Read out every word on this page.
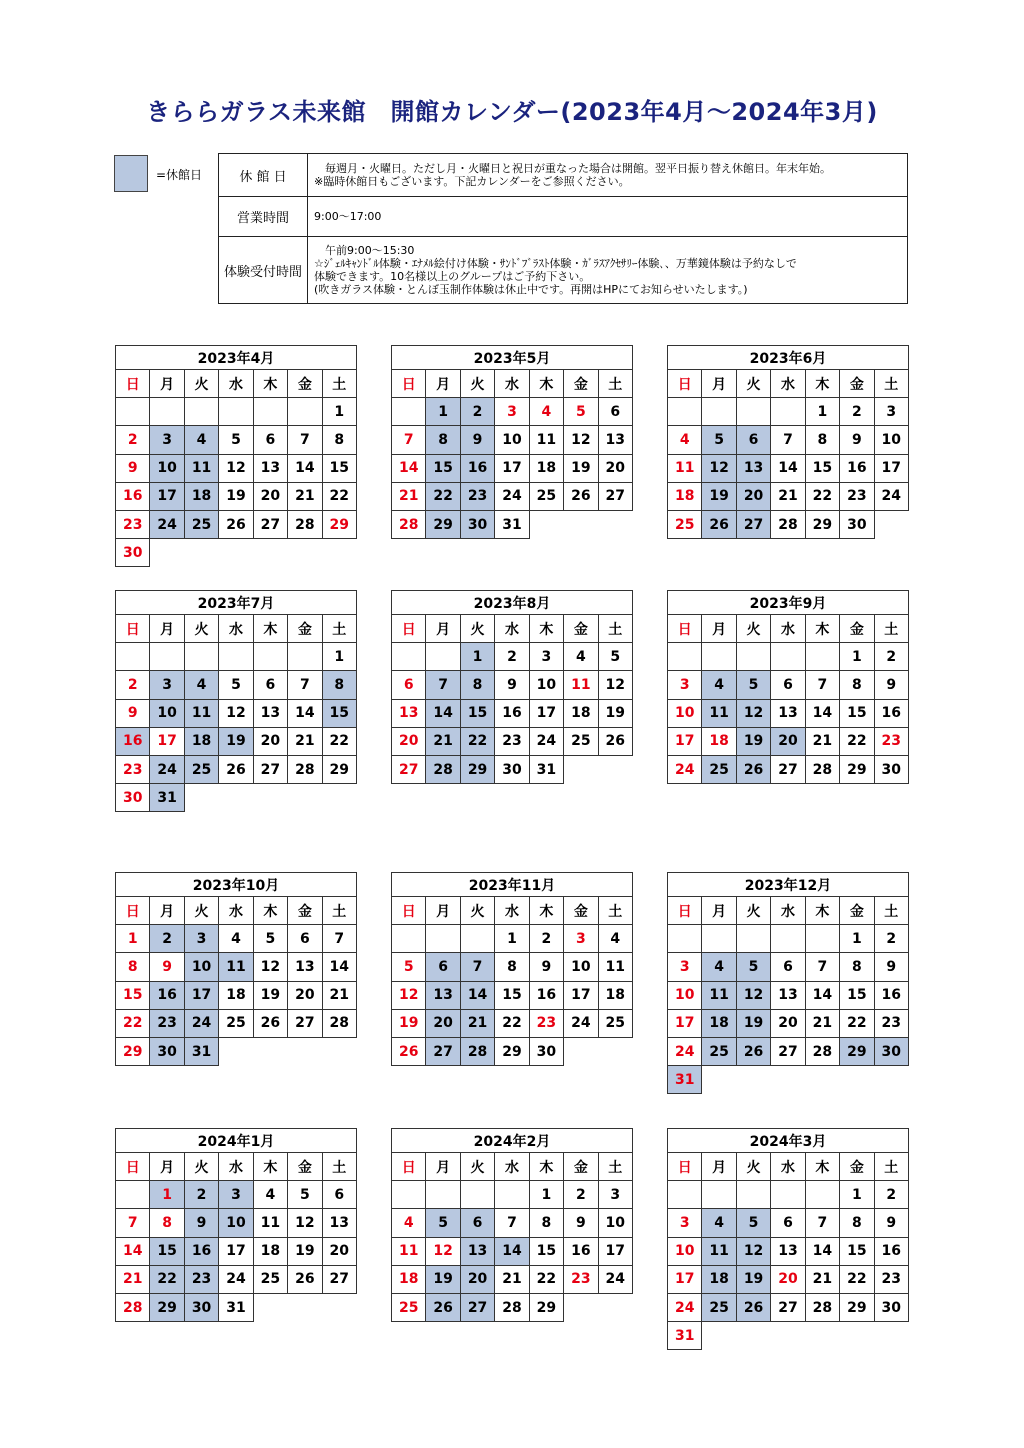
きららガラス未来館　開館カレンダー(2023年4月～2024年3月)
=休館日	休 館 日	　毎週月・火曜日。ただし月・火曜日と祝日が重なった場合は開館。翌平日振り替え休館日。年末年始。
※臨時休館日もございます。下記カレンダーをご参照ください。

営業時間	9:00～17:00

体験受付時間	　午前9:00～15:30
☆ｼﾞｪﾙｷｬﾝﾄﾞﾙ体験・ｴﾅﾒﾙ絵付け体験・ｻﾝﾄﾞﾌﾞﾗｽﾄ体験・ｶﾞﾗｽｱｸｾｻﾘｰ体験､、万華鏡体験は予約なしで
体験できます。10名様以上のグループはご予約下さい。
(吹きガラス体験・とんぼ玉制作体験は休止中です。再開はHPにてお知らせいたします。)
2023年4月						
日	月	火	水	木	金	土
						1
2	3	4	5	6	7	8
9	10	11	12	13	14	15
16	17	18	19	20	21	22
23	24	25	26	27	28	29
30						
2023年5月						
日	月	火	水	木	金	土
	1	2	3	4	5	6
7	8	9	10	11	12	13
14	15	16	17	18	19	20
21	22	23	24	25	26	27
28	29	30	31			
2023年6月						
日	月	火	水	木	金	土
				1	2	3
4	5	6	7	8	9	10
11	12	13	14	15	16	17
18	19	20	21	22	23	24
25	26	27	28	29	30	
2023年7月						
日	月	火	水	木	金	土
						1
2	3	4	5	6	7	8
9	10	11	12	13	14	15
16	17	18	19	20	21	22
23	24	25	26	27	28	29
30	31					
2023年8月						
日	月	火	水	木	金	土
		1	2	3	4	5
6	7	8	9	10	11	12
13	14	15	16	17	18	19
20	21	22	23	24	25	26
27	28	29	30	31		
2023年9月						
日	月	火	水	木	金	土
					1	2
3	4	5	6	7	8	9
10	11	12	13	14	15	16
17	18	19	20	21	22	23
24	25	26	27	28	29	30
2023年10月						
日	月	火	水	木	金	土
1	2	3	4	5	6	7
8	9	10	11	12	13	14
15	16	17	18	19	20	21
22	23	24	25	26	27	28
29	30	31				
2023年11月						
日	月	火	水	木	金	土
			1	2	3	4
5	6	7	8	9	10	11
12	13	14	15	16	17	18
19	20	21	22	23	24	25
26	27	28	29	30		
2023年12月						
日	月	火	水	木	金	土
					1	2
3	4	5	6	7	8	9
10	11	12	13	14	15	16
17	18	19	20	21	22	23
24	25	26	27	28	29	30
31						
2024年1月						
日	月	火	水	木	金	土
	1	2	3	4	5	6
7	8	9	10	11	12	13
14	15	16	17	18	19	20
21	22	23	24	25	26	27
28	29	30	31			
2024年2月						
日	月	火	水	木	金	土
				1	2	3
4	5	6	7	8	9	10
11	12	13	14	15	16	17
18	19	20	21	22	23	24
25	26	27	28	29		
2024年3月						
日	月	火	水	木	金	土
					1	2
3	4	5	6	7	8	9
10	11	12	13	14	15	16
17	18	19	20	21	22	23
24	25	26	27	28	29	30
31						
